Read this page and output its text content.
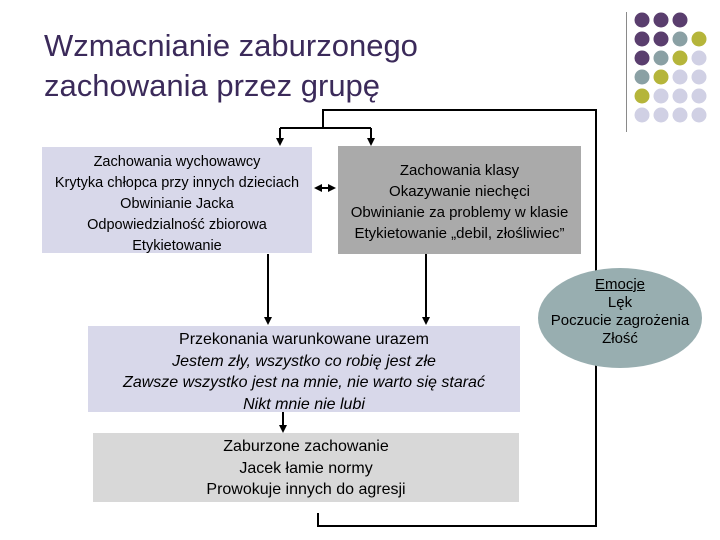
Wzmacnianie zaburzonego zachowania przez grupę
Zachowania wychowawcy
Krytyka chłopca przy innych dzieciach
Obwinianie Jacka
Odpowiedzialność zbiorowa
Etykietowanie
Zachowania klasy
Okazywanie niechęci
Obwinianie za problemy w klasie
Etykietowanie „debil, złośliwiec”
Przekonania warunkowane urazem
Jestem zły, wszystko co robię jest złe
Zawsze wszystko jest na mnie, nie warto się starać
Nikt mnie nie lubi
Zaburzone zachowanie
Jacek łamie normy
Prowokuje innych do agresji
Emocje
Lęk
Poczucie zagrożenia
Złość
